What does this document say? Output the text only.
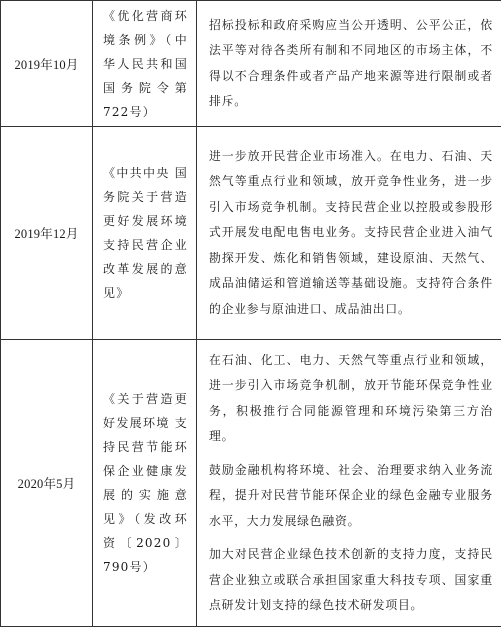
2019年10月	《优化营商环境条例》（中华人民共和国国务院令第722号）	招标投标和政府采购应当公开透明、公平公正，依法平等对待各类所有制和不同地区的市场主体，不得以不合理条件或者产品产地来源等进行限制或者排斥。

2019年12月	《中共中央 国务院关于营造更好发展环境支持民营企业改革发展的意见》	进一步放开民营企业市场准入。在电力、石油、天然气等重点行业和领域，放开竞争性业务，进一步引入市场竞争机制。支持民营企业以控股或参股形式开展发电配电售电业务。支持民营企业进入油气勘探开发、炼化和销售领域，建设原油、天然气、成品油储运和管道输送等基础设施。支持符合条件的企业参与原油进口、成品油出口。

2020年5月	《关于营造更好发展环境 支持民营节能环保企业健康发展的实施意见》（发改环资〔2020〕790号）	在石油、化工、电力、天然气等重点行业和领域，进一步引入市场竞争机制，放开节能环保竞争性业务，积极推行合同能源管理和环境污染第三方治理。

鼓励金融机构将环境、社会、治理要求纳入业务流程，提升对民营节能环保企业的绿色金融专业服务水平，大力发展绿色融资。

加大对民营企业绿色技术创新的支持力度，支持民营企业独立或联合承担国家重大科技专项、国家重点研发计划支持的绿色技术研发项目。
